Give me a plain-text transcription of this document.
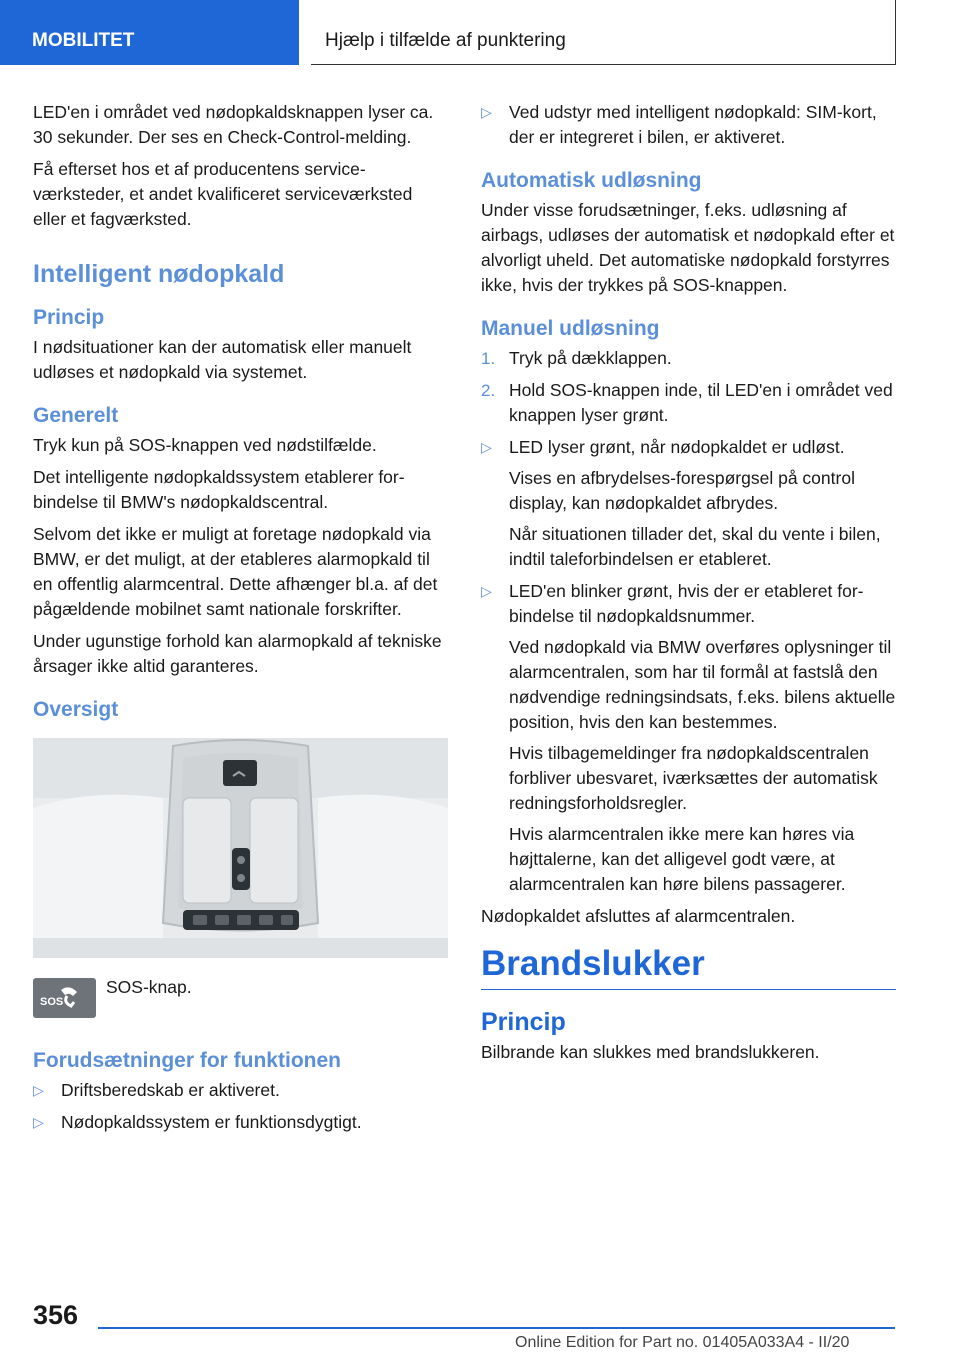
MOBILITET	Hjælp i tilfælde af punktering

LED'en i området ved nødopkaldsknappen lyser ca. 30 sekunder. Der ses en Check-Control-melding.

Få efterset hos et af producentens serviceværksteder, et andet kvalificeret serviceværksted eller et fagværksted.

Intelligent nødopkald
Princip

I nødsituationer kan der automatisk eller manuelt udløses et nødopkald via systemet.

Generelt

Tryk kun på SOS-knappen ved nødstilfælde.

Det intelligente nødopkaldssystem etablerer forbindelse til BMW's nødopkaldscentral.

Selvom det ikke er muligt at foretage nødopkald via BMW, er det muligt, at der etableres alarmopkald til en offentlig alarmcentral. Dette afhænger bl.a. af det pågældende mobilnet samt nationale forskrifter.

Under ugunstige forhold kan alarmopkald af tekniske årsager ikke altid garanteres.

Oversigt
SOS
SOS-knap.
Forudsætninger for funktionen
▷ Driftsberedskab er aktiveret.
▷ Nødopkaldssystem er funktionsdygtigt.
▷ Ved udstyr med intelligent nødopkald: SIM-kort, der er integreret i bilen, er aktiveret.
Automatisk udløsning

Under visse forudsætninger, f.eks. udløsning af airbags, udløses der automatisk et nødopkald efter et alvorligt uheld. Det automatiske nødopkald forstyrres ikke, hvis der trykkes på SOS-knappen.

Manuel udløsning
1. Tryk på dækklappen.
2. Hold SOS-knappen inde, til LED'en i området ved knappen lyser grønt.
▷ LED lyser grønt, når nødopkaldet er udløst.

Vises en afbrydelses-forespørgsel på control display, kan nødopkaldet afbrydes.

Når situationen tillader det, skal du vente i bilen, indtil taleforbindelsen er etableret.

▷ LED'en blinker grønt, hvis der er etableret forbindelse til nødopkaldsnummer.

Ved nødopkald via BMW overføres oplysninger til alarmcentralen, som har til formål at fastslå den nødvendige redningsindsats, f.eks. bilens aktuelle position, hvis den kan bestemmes.

Hvis tilbagemeldinger fra nødopkaldscentralen forbliver ubesvaret, iværksættes der automatisk redningsforholdsregler.

Hvis alarmcentralen ikke mere kan høres via højttalerne, kan det alligevel godt være, at alarmcentralen kan høre bilens passagerer.

Nødopkaldet afsluttes af alarmcentralen.

Brandslukker
Princip

Bilbrande kan slukkes med brandslukkeren.

356
Online Edition for Part no. 01405A033A4 - II/20
